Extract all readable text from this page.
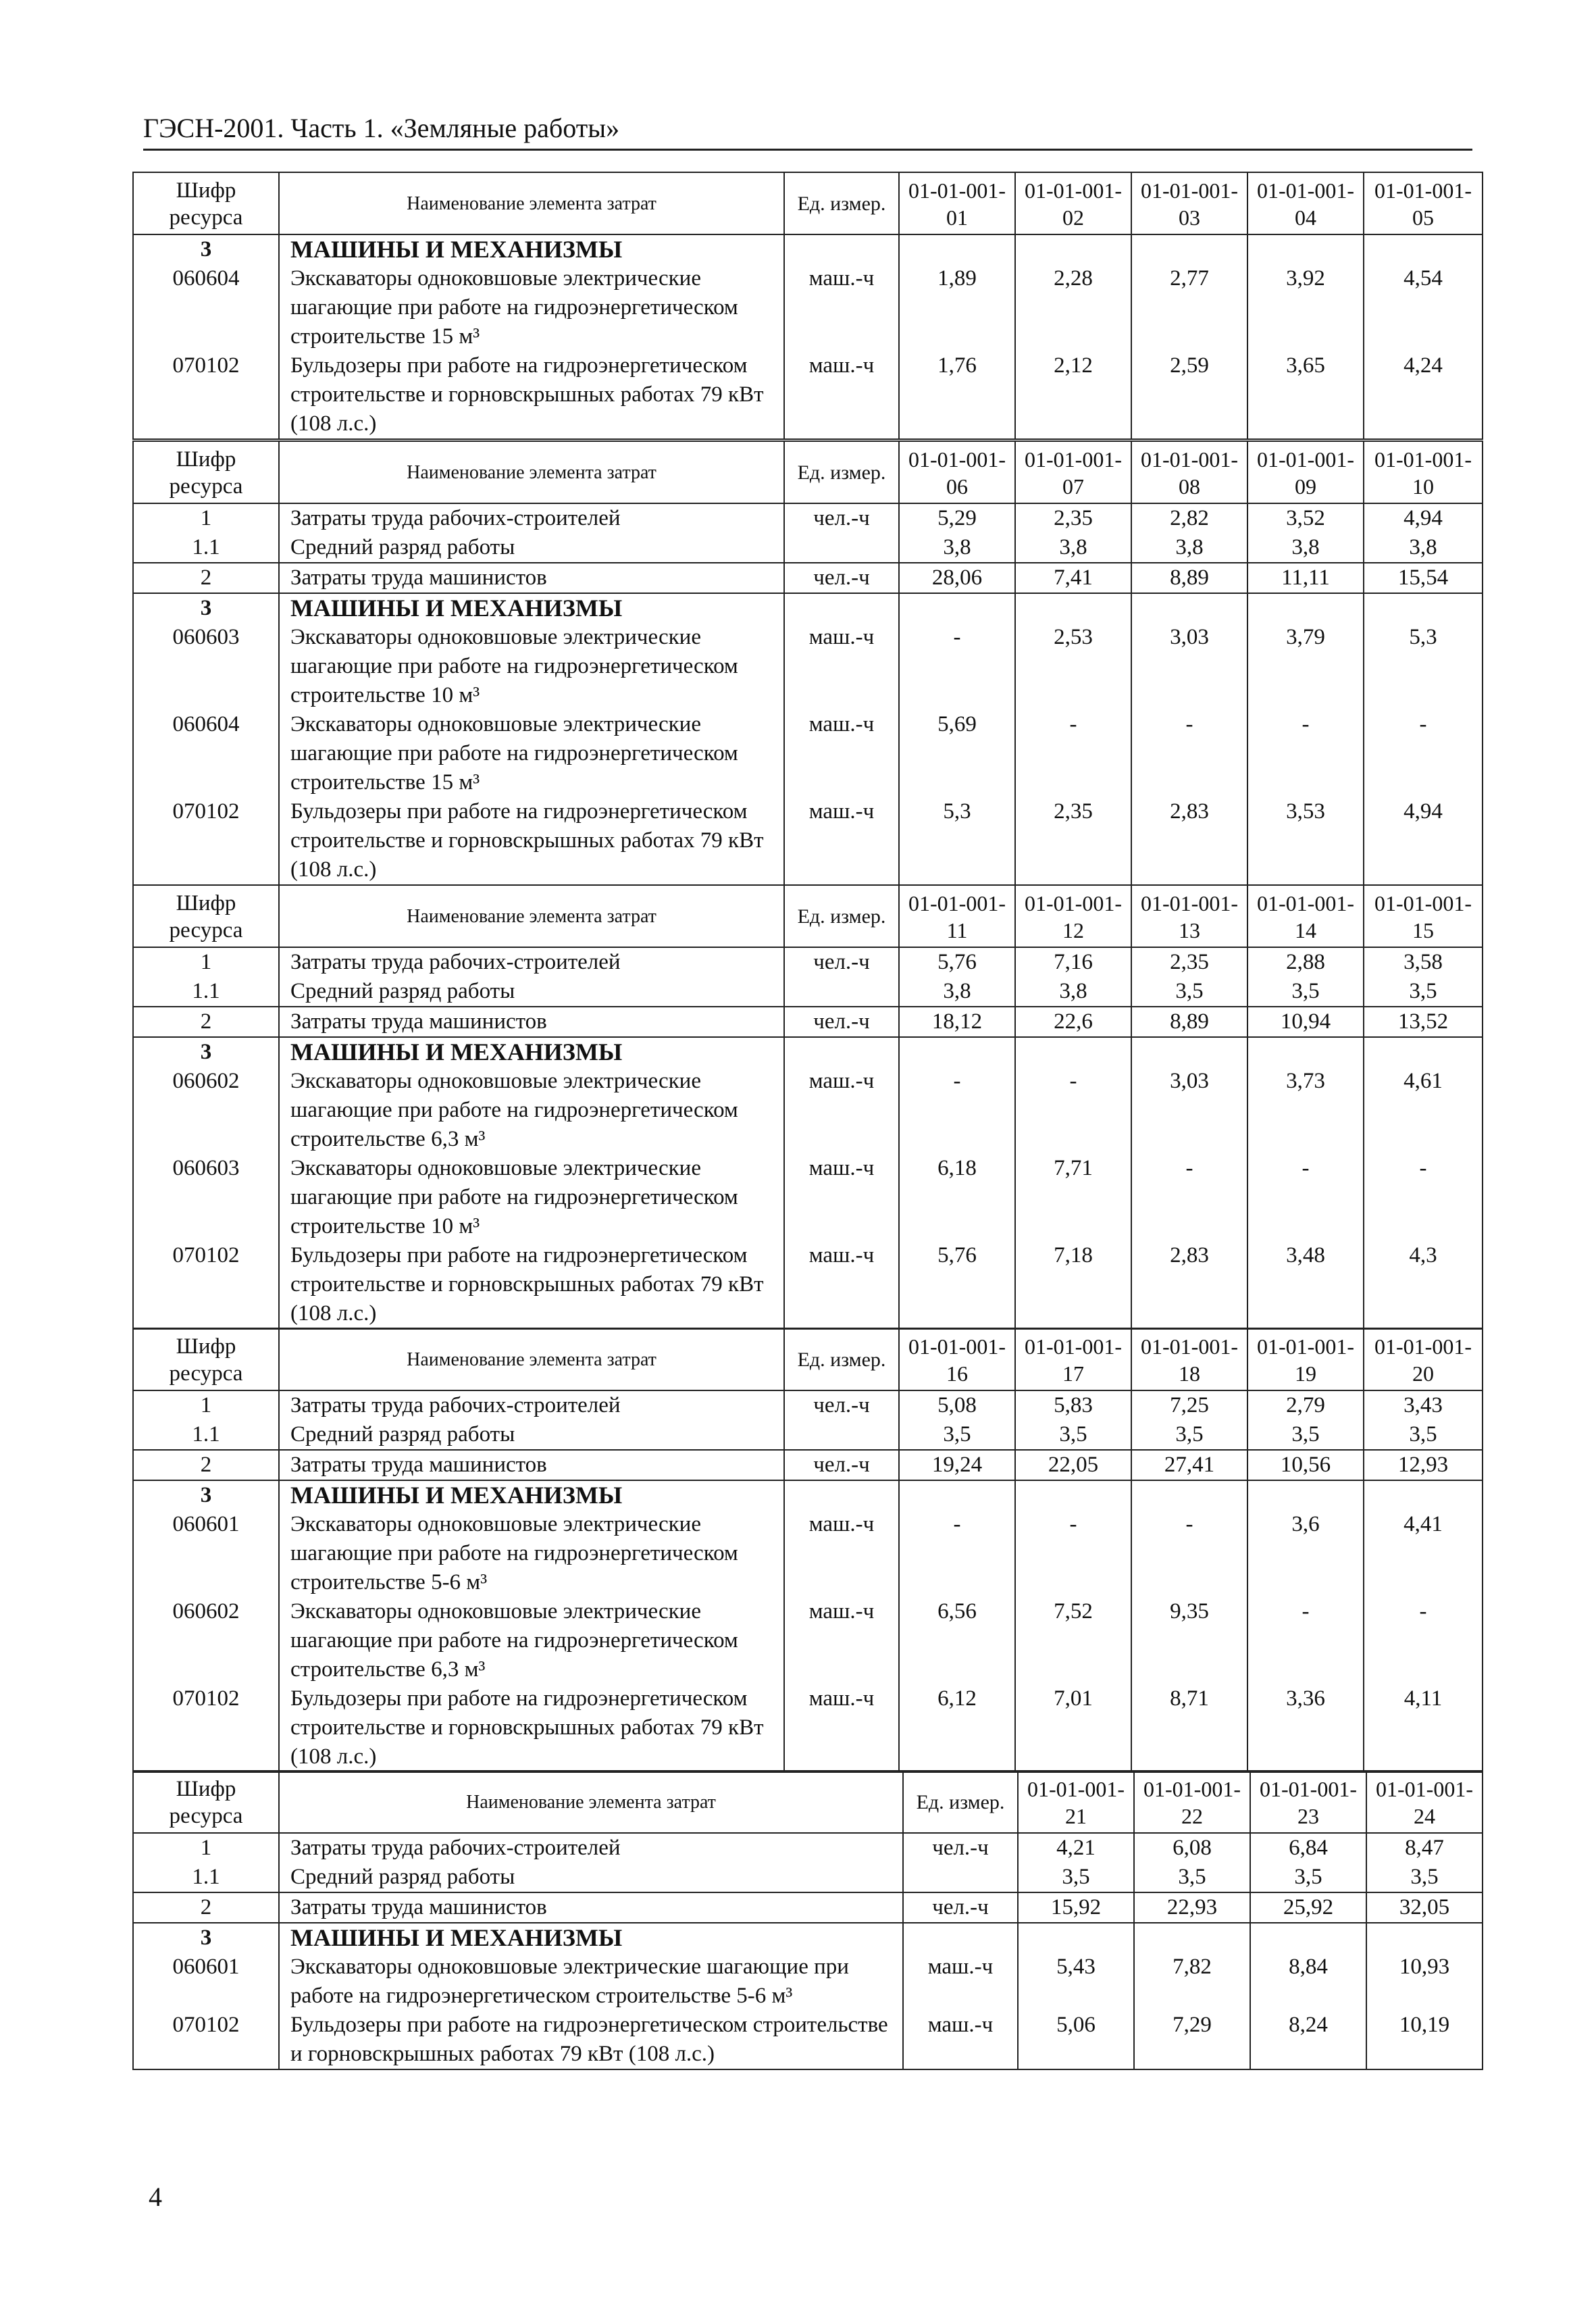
ГЭСН-2001. Часть 1. «Земляные работы»
Шифр ресурса	Наименование элемента затрат	Ед. измер.	01-01-001-01	01-01-001-02	01-01-001-03	01-01-001-04	01-01-001-05
3	МАШИНЫ И МЕХАНИЗМЫ						
060604	Экскаваторы одноковшовые электрические шагающие при работе на гидроэнергетическом строительстве 15 м³	маш.-ч	1,89	2,28	2,77	3,92	4,54
070102	Бульдозеры при работе на гидроэнергетическом строительстве и горновскрышных работах 79 кВт (108 л.с.)	маш.-ч	1,76	2,12	2,59	3,65	4,24
Шифр ресурса	Наименование элемента затрат	Ед. измер.	01-01-001-06	01-01-001-07	01-01-001-08	01-01-001-09	01-01-001-10
1	Затраты труда рабочих-строителей	чел.-ч	5,29	2,35	2,82	3,52	4,94
1.1	Средний разряд работы		3,8	3,8	3,8	3,8	3,8
2	Затраты труда машинистов	чел.-ч	28,06	7,41	8,89	11,11	15,54
3	МАШИНЫ И МЕХАНИЗМЫ						
060603	Экскаваторы одноковшовые электрические шагающие при работе на гидроэнергетическом строительстве 10 м³	маш.-ч	-	2,53	3,03	3,79	5,3
060604	Экскаваторы одноковшовые электрические шагающие при работе на гидроэнергетическом строительстве 15 м³	маш.-ч	5,69	-	-	-	-
070102	Бульдозеры при работе на гидроэнергетическом строительстве и горновскрышных работах 79 кВт (108 л.с.)	маш.-ч	5,3	2,35	2,83	3,53	4,94
Шифр ресурса	Наименование элемента затрат	Ед. измер.	01-01-001-11	01-01-001-12	01-01-001-13	01-01-001-14	01-01-001-15
1	Затраты труда рабочих-строителей	чел.-ч	5,76	7,16	2,35	2,88	3,58
1.1	Средний разряд работы		3,8	3,8	3,5	3,5	3,5
2	Затраты труда машинистов	чел.-ч	18,12	22,6	8,89	10,94	13,52
3	МАШИНЫ И МЕХАНИЗМЫ						
060602	Экскаваторы одноковшовые электрические шагающие при работе на гидроэнергетическом строительстве 6,3 м³	маш.-ч	-	-	3,03	3,73	4,61
060603	Экскаваторы одноковшовые электрические шагающие при работе на гидроэнергетическом строительстве 10 м³	маш.-ч	6,18	7,71	-	-	-
070102	Бульдозеры при работе на гидроэнергетическом строительстве и горновскрышных работах 79 кВт (108 л.с.)	маш.-ч	5,76	7,18	2,83	3,48	4,3
Шифр ресурса	Наименование элемента затрат	Ед. измер.	01-01-001-16	01-01-001-17	01-01-001-18	01-01-001-19	01-01-001-20
1	Затраты труда рабочих-строителей	чел.-ч	5,08	5,83	7,25	2,79	3,43
1.1	Средний разряд работы		3,5	3,5	3,5	3,5	3,5
2	Затраты труда машинистов	чел.-ч	19,24	22,05	27,41	10,56	12,93
3	МАШИНЫ И МЕХАНИЗМЫ						
060601	Экскаваторы одноковшовые электрические шагающие при работе на гидроэнергетическом строительстве 5-6 м³	маш.-ч	-	-	-	3,6	4,41
060602	Экскаваторы одноковшовые электрические шагающие при работе на гидроэнергетическом строительстве 6,3 м³	маш.-ч	6,56	7,52	9,35	-	-
070102	Бульдозеры при работе на гидроэнергетическом строительстве и горновскрышных работах 79 кВт (108 л.с.)	маш.-ч	6,12	7,01	8,71	3,36	4,11
Шифр ресурса	Наименование элемента затрат	Ед. измер.	01-01-001-21	01-01-001-22	01-01-001-23	01-01-001-24
1	Затраты труда рабочих-строителей	чел.-ч	4,21	6,08	6,84	8,47
1.1	Средний разряд работы		3,5	3,5	3,5	3,5
2	Затраты труда машинистов	чел.-ч	15,92	22,93	25,92	32,05
3	МАШИНЫ И МЕХАНИЗМЫ					
060601	Экскаваторы одноковшовые электрические шагающие при работе на гидроэнергетическом строительстве 5-6 м³	маш.-ч	5,43	7,82	8,84	10,93
070102	Бульдозеры при работе на гидроэнергетическом строительстве и горновскрышных работах 79 кВт (108 л.с.)	маш.-ч	5,06	7,29	8,24	10,19
4
